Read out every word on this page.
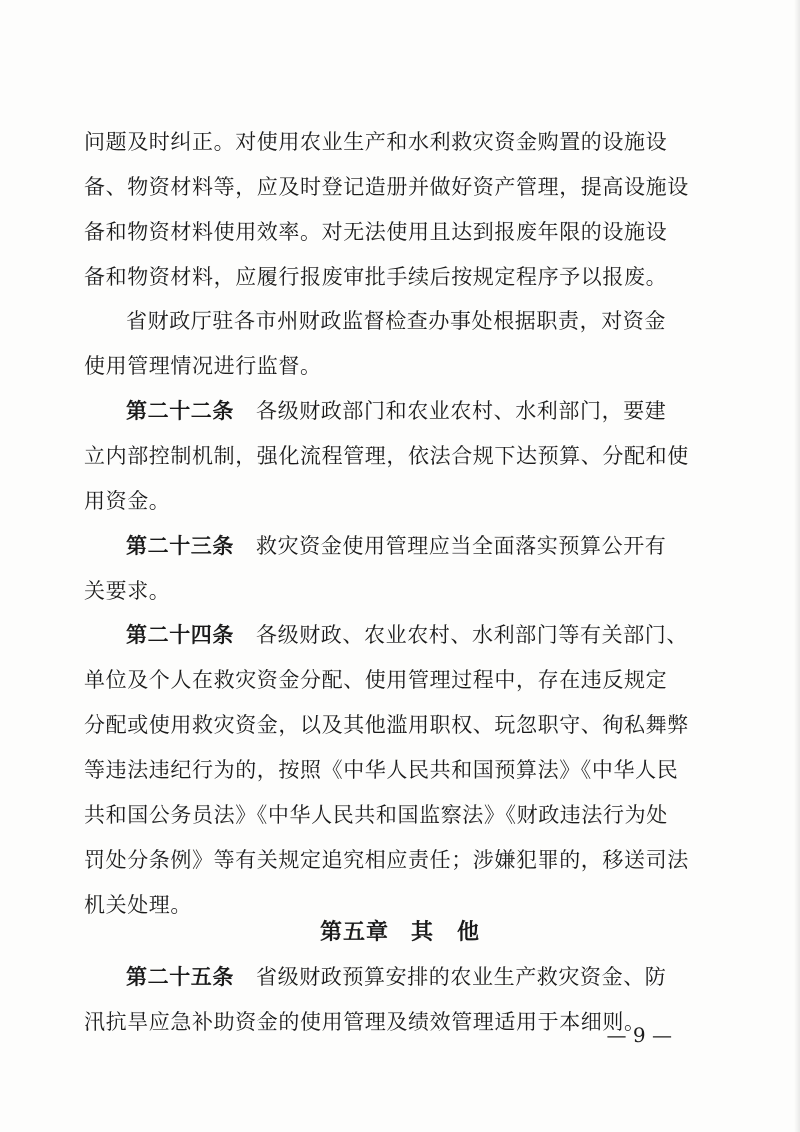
问题及时纠正。对使用农业生产和水利救灾资金购置的设施设
备、物资材料等，应及时登记造册并做好资产管理，提高设施设
备和物资材料使用效率。对无法使用且达到报废年限的设施设
备和物资材料，应履行报废审批手续后按规定程序予以报废。
省财政厅驻各市州财政监督检查办事处根据职责，对资金
使用管理情况进行监督。
第二十二条 各级财政部门和农业农村、水利部门，要建
立内部控制机制，强化流程管理，依法合规下达预算、分配和使
用资金。
第二十三条 救灾资金使用管理应当全面落实预算公开有
关要求。
第二十四条 各级财政、农业农村、水利部门等有关部门、
单位及个人在救灾资金分配、使用管理过程中，存在违反规定
分配或使用救灾资金，以及其他滥用职权、玩忽职守、徇私舞弊
等违法违纪行为的，按照《中华人民共和国预算法》《中华人民
共和国公务员法》《中华人民共和国监察法》《财政违法行为处
罚处分条例》等有关规定追究相应责任；涉嫌犯罪的，移送司法
机关处理。
第五章 其　他
第二十五条 省级财政预算安排的农业生产救灾资金、防
汛抗旱应急补助资金的使用管理及绩效管理适用于本细则。
— 9 —
